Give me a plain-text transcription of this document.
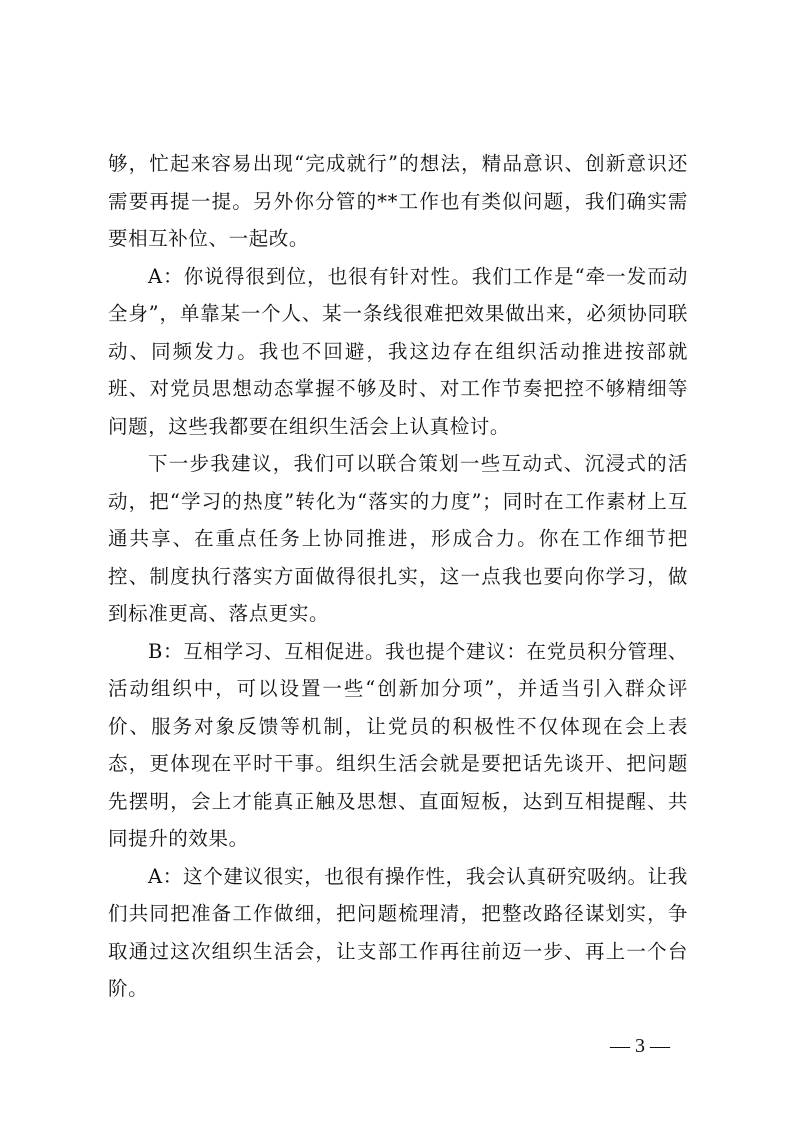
够，忙起来容易出现“完成就行”的想法，精品意识、创新意识还需要再提一提。另外你分管的**工作也有类似问题，我们确实需要相互补位、一起改。

A：你说得很到位，也很有针对性。我们工作是“牵一发而动全身”，单靠某一个人、某一条线很难把效果做出来，必须协同联动、同频发力。我也不回避，我这边存在组织活动推进按部就班、对党员思想动态掌握不够及时、对工作节奏把控不够精细等问题，这些我都要在组织生活会上认真检讨。

下一步我建议，我们可以联合策划一些互动式、沉浸式的活动，把“学习的热度”转化为“落实的力度”；同时在工作素材上互通共享、在重点任务上协同推进，形成合力。你在工作细节把控、制度执行落实方面做得很扎实，这一点我也要向你学习，做到标准更高、落点更实。

B：互相学习、互相促进。我也提个建议：在党员积分管理、活动组织中，可以设置一些“创新加分项”，并适当引入群众评价、服务对象反馈等机制，让党员的积极性不仅体现在会上表态，更体现在平时干事。组织生活会就是要把话先谈开、把问题先摆明，会上才能真正触及思想、直面短板，达到互相提醒、共同提升的效果。

A：这个建议很实，也很有操作性，我会认真研究吸纳。让我们共同把准备工作做细，把问题梳理清，把整改路径谋划实，争取通过这次组织生活会，让支部工作再往前迈一步、再上一个台阶。

— 3 —
